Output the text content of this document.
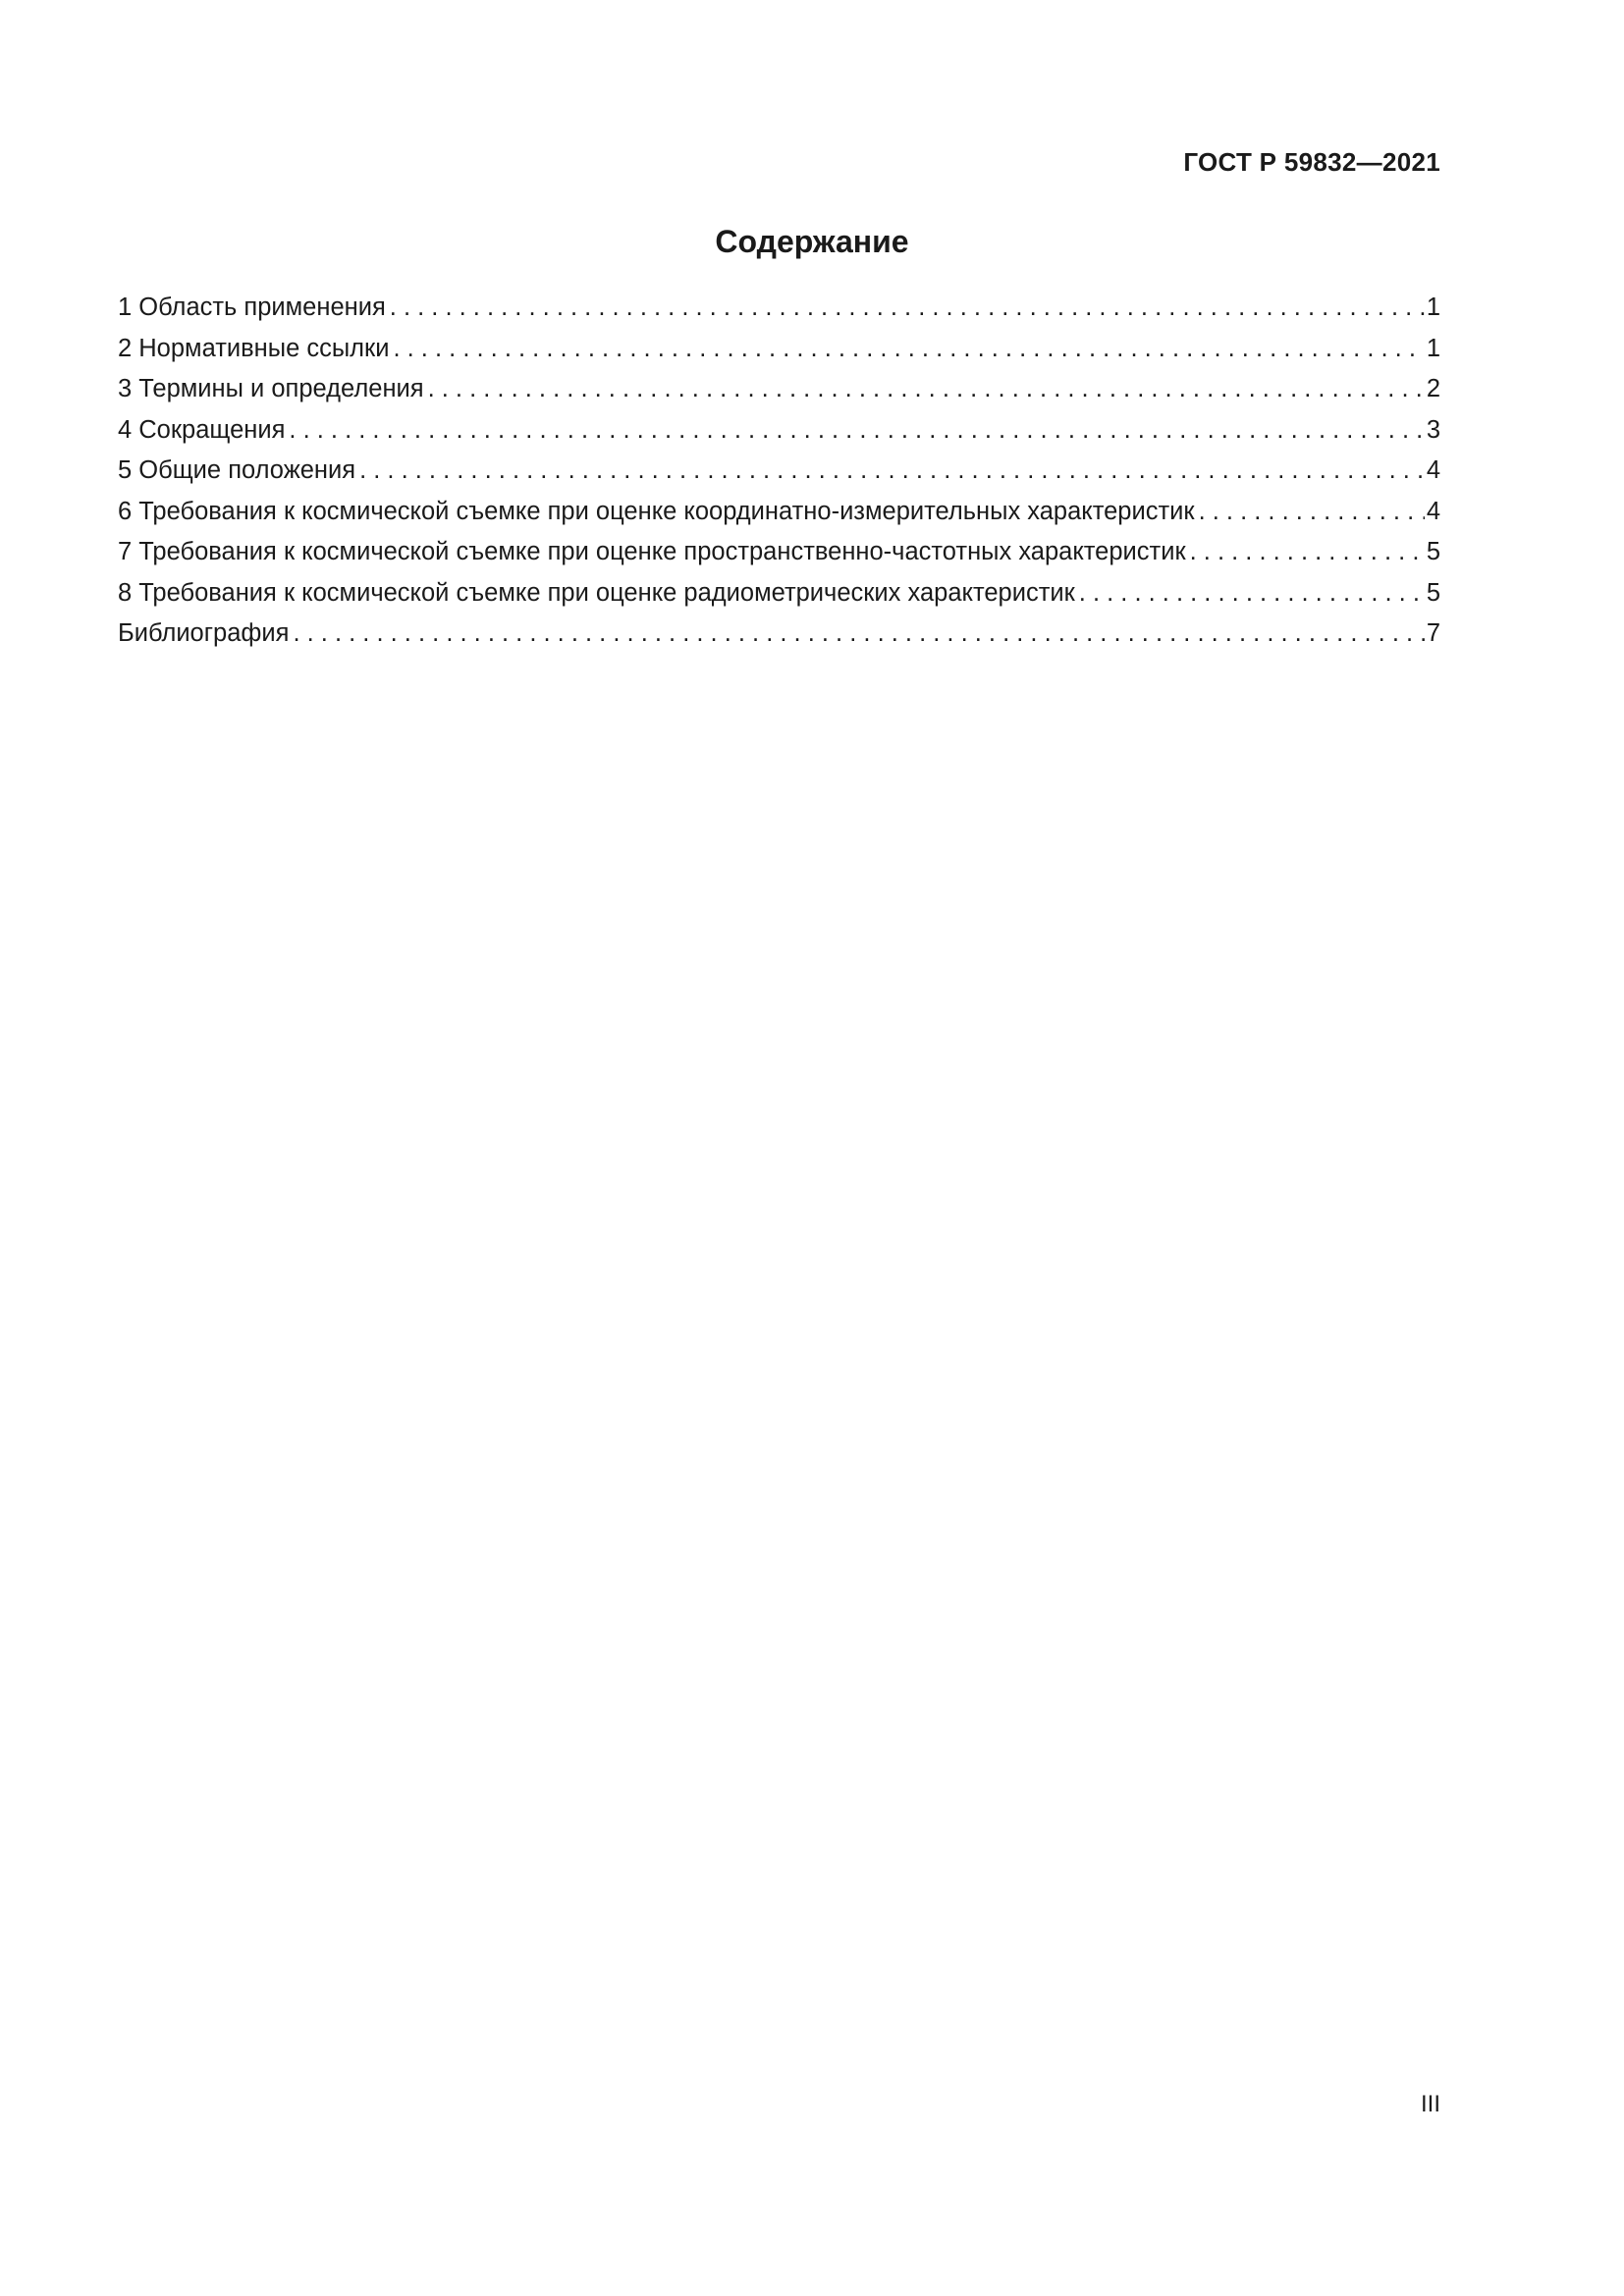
ГОСТ Р 59832—2021
Содержание
1 Область применения . . .	1
2 Нормативные ссылки . . .	1
3 Термины и определения . . .	2
4 Сокращения . . .	3
5 Общие положения . . .	4
6 Требования к космической съемке при оценке координатно-измерительных характеристик . . .	4
7 Требования к космической съемке при оценке пространственно-частотных характеристик . . .	5
8 Требования к космической съемке при оценке радиометрических характеристик . . .	5
Библиография . . .	7
III
